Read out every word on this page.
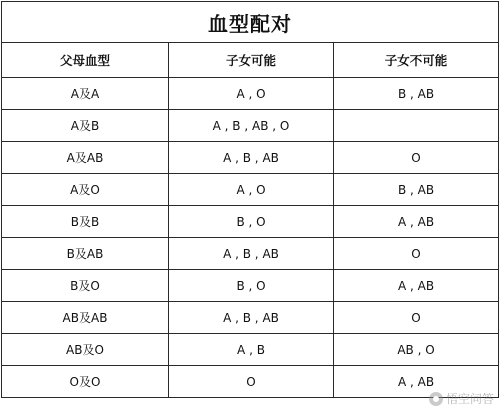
血型配对		
父母血型	子女可能	子女不可能
A及A	A , O	B , AB
A及B	A , B , AB , O	
A及AB	A , B , AB	O
A及O	A , O	B , AB
B及B	B , O	A , AB
B及AB	A , B , AB	O
B及O	B , O	A , AB
AB及AB	A , B , AB	O
AB及O	A , B	AB , O
O及O	O	A , AB
悟空问答
